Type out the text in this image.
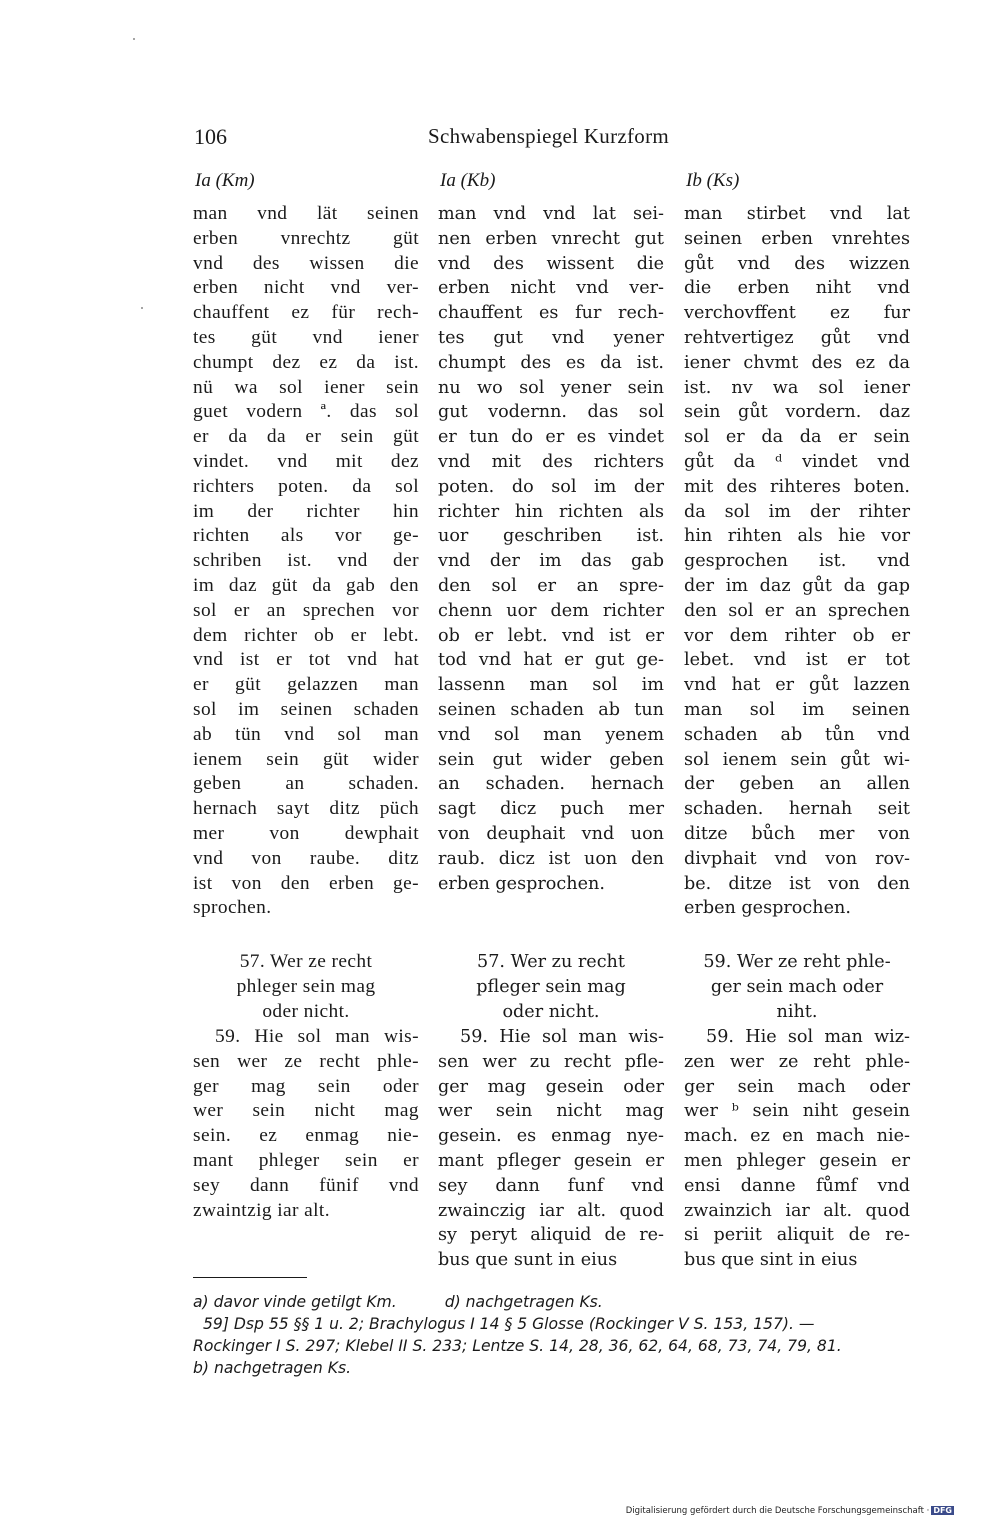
106	Schwabenspiegel Kurzform
Ia (Km)	Ia (Kb)	Ib (Ks)
man vnd lät seinen
erben vnrechtz güt
vnd des wissen die
erben nicht vnd ver-
chauffent ez für rech-
tes güt vnd iener
chumpt dez ez da ist.
nü wa sol iener sein
guet vodern ª. das sol
er da da er sein güt
vindet. vnd mit dez
richters poten. da sol
im der richter hin
richten als vor ge-
schriben ist. vnd der
im daz güt da gab den
sol er an sprechen vor
dem richter ob er lebt.
vnd ist er tot vnd hat
er güt gelazzen man
sol im seinen schaden
ab tün vnd sol man
ienem sein güt wider
geben an schaden.
hernach sayt ditz püch
mer von dewphait
vnd von raube. ditz
ist von den erben ge-
sprochen.
57. Wer ze recht
phleger sein mag
oder nicht.
59. Hie sol man wis-
sen wer ze recht phle-
ger mag sein oder
wer sein nicht mag
sein. ez enmag nie-
mant phleger sein er
sey dann fünif vnd
zwaintzig iar alt.
man vnd vnd lat sei-
nen erben vnrecht gut
vnd des wissent die
erben nicht vnd ver-
chauffent es fur rech-
tes gut vnd yener
chumpt des es da ist.
nu wo sol yener sein
gut vodernn. das sol
er tun do er es vindet
vnd mit des richters
poten. do sol im der
richter hin richten als
uor geschriben ist.
vnd der im das gab
den sol er an spre-
chenn uor dem richter
ob er lebt. vnd ist er
tod vnd hat er gut ge-
lassenn man sol im
seinen schaden ab tun
vnd sol man yenem
sein gut wider geben
an schaden. hernach
sagt dicz puch mer
von deuphait vnd uon
raub. dicz ist uon den
erben gesprochen.
57. Wer zu recht
pfleger sein mag
oder nicht.
59. Hie sol man wis-
sen wer zu recht pfle-
ger mag gesein oder
wer sein nicht mag
gesein. es enmag nye-
mant pfleger gesein er
sey dann funf vnd
zwainczig iar alt. quod
sy peryt aliquid de re-
bus que sunt in eius
man stirbet vnd lat
seinen erben vnrehtes
gůt vnd des wizzen
die erben niht vnd
verchovffent ez fur
rehtvertigez gůt vnd
iener chvmt des ez da
ist. nv wa sol iener
sein gůt vordern. daz
sol er da da er sein
gůt da ᵈ vindet vnd
mit des rihteres boten.
da sol im der rihter
hin rihten als hie vor
gesprochen ist. vnd
der im daz gůt da gap
den sol er an sprechen
vor dem rihter ob er
lebet. vnd ist er tot
vnd hat er gůt lazzen
man sol im seinen
schaden ab tůn vnd
sol ienem sein gůt wi-
der geben an allen
schaden. hernah seit
ditze bůch mer von
divphait vnd von rov-
be. ditze ist von den
erben gesprochen.
59. Wer ze reht phle-
ger sein mach oder
niht.
59. Hie sol man wiz-
zen wer ze reht phle-
ger sein mach oder
wer ᵇ sein niht gesein
mach. ez en mach nie-
men phleger gesein er
ensi danne fůmf vnd
zwainzich iar alt. quod
si periit aliquit de re-
bus que sint in eius
a) davor vinde getilgt Km.	d) nachgetragen Ks.
59] Dsp 55 §§ 1 u. 2; Brachylogus I 14 § 5 Glosse (Rockinger V S. 153, 157). —
Rockinger I S. 297; Klebel II S. 233; Lentze S. 14, 28, 36, 62, 64, 68, 73, 74, 79, 81.
b) nachgetragen Ks.
Digitalisierung gefördert durch die Deutsche Forschungsgemeinschaft · DFG
